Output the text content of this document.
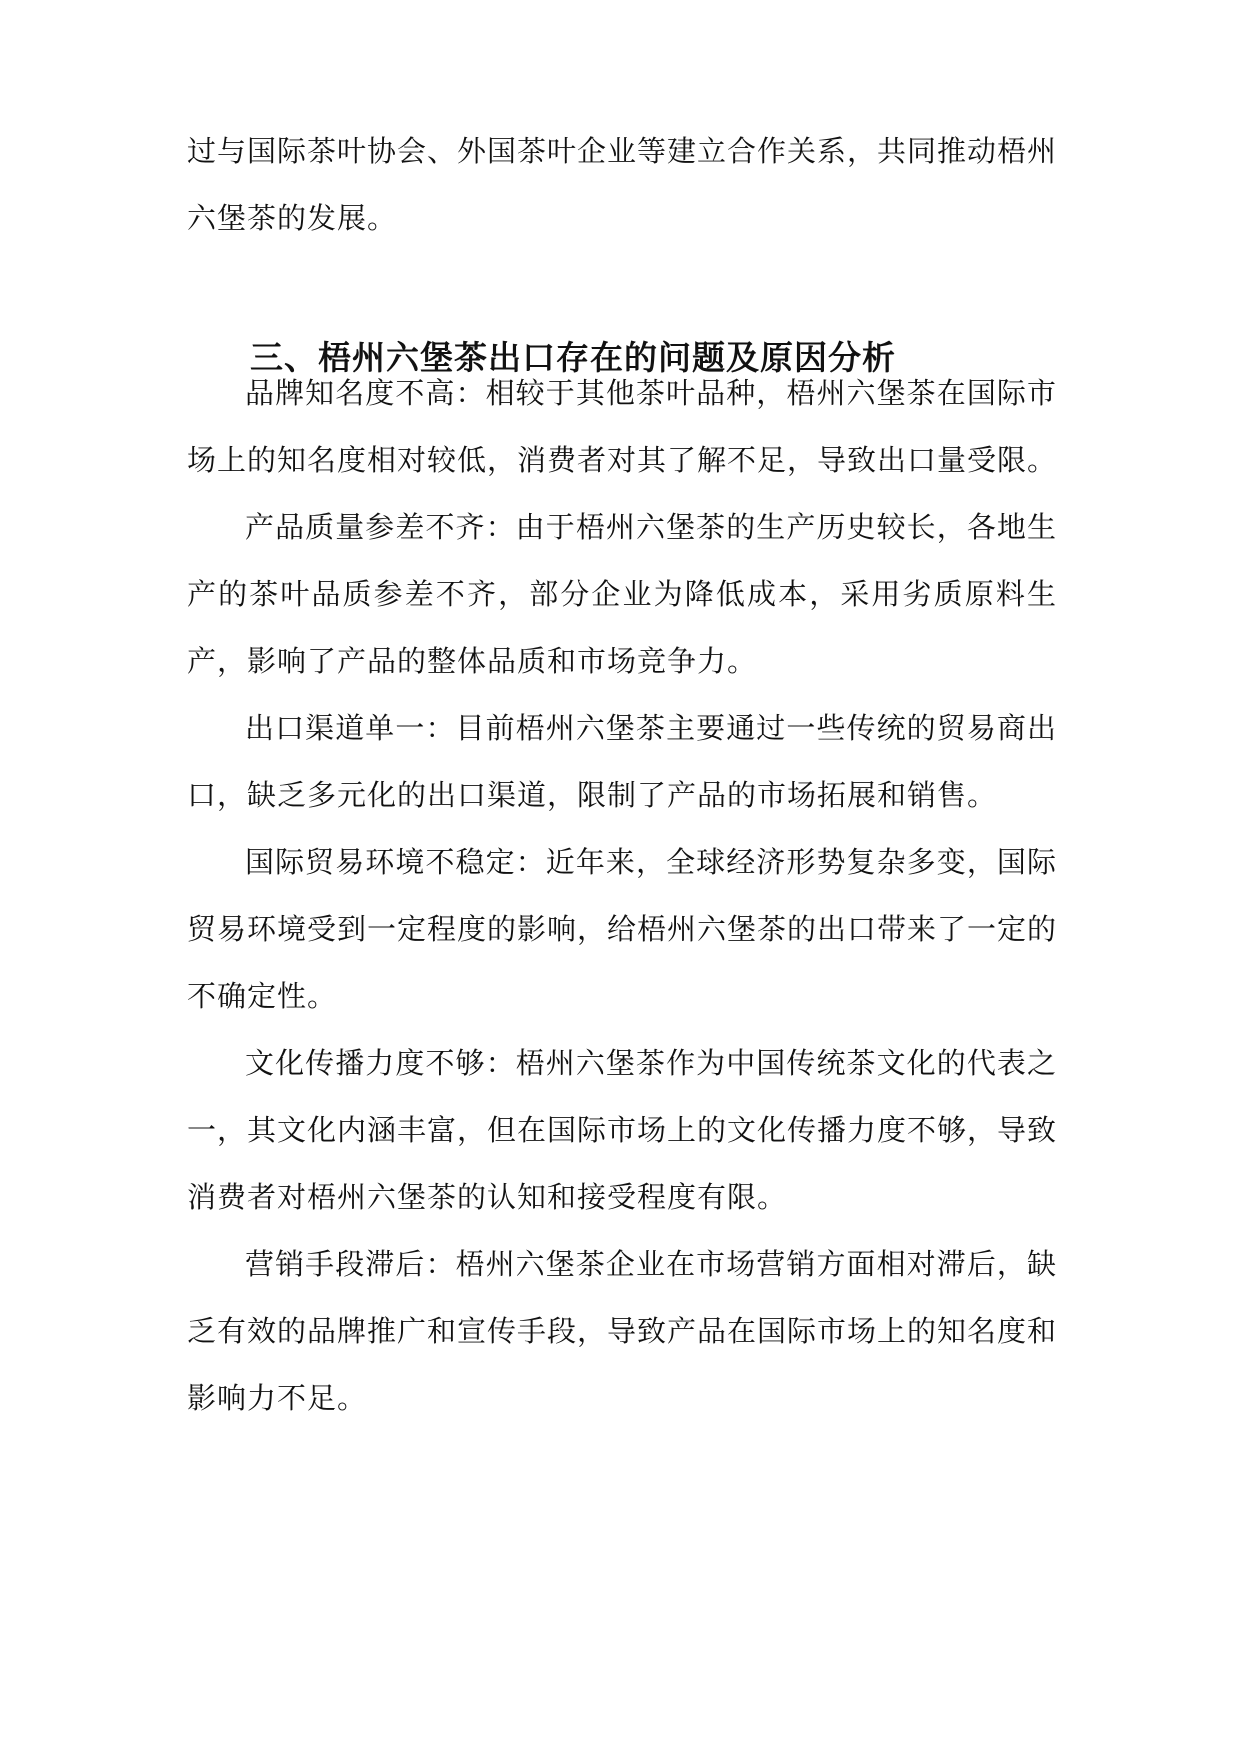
过与国际茶叶协会、外国茶叶企业等建立合作关系，共同推动梧州六堡茶的发展。

三、梧州六堡茶出口存在的问题及原因分析

品牌知名度不高：相较于其他茶叶品种，梧州六堡茶在国际市场上的知名度相对较低，消费者对其了解不足，导致出口量受限。

产品质量参差不齐：由于梧州六堡茶的生产历史较长，各地生产的茶叶品质参差不齐，部分企业为降低成本，采用劣质原料生产，影响了产品的整体品质和市场竞争力。

出口渠道单一：目前梧州六堡茶主要通过一些传统的贸易商出口，缺乏多元化的出口渠道，限制了产品的市场拓展和销售。

国际贸易环境不稳定：近年来，全球经济形势复杂多变，国际贸易环境受到一定程度的影响，给梧州六堡茶的出口带来了一定的不确定性。

文化传播力度不够：梧州六堡茶作为中国传统茶文化的代表之一，其文化内涵丰富，但在国际市场上的文化传播力度不够，导致消费者对梧州六堡茶的认知和接受程度有限。

营销手段滞后：梧州六堡茶企业在市场营销方面相对滞后，缺乏有效的品牌推广和宣传手段，导致产品在国际市场上的知名度和影响力不足。
